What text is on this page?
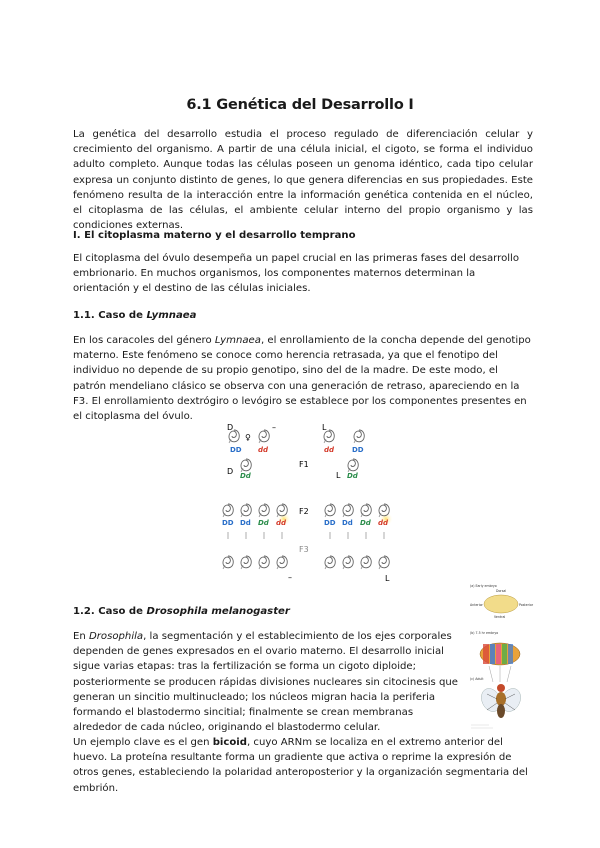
6.1 Genética del Desarrollo I

La genética del desarrollo estudia el proceso regulado de diferenciación celular y crecimiento del organismo. A partir de una célula inicial, el cigoto, se forma el individuo adulto completo. Aunque todas las células poseen un genoma idéntico, cada tipo celular expresa un conjunto distinto de genes, lo que genera diferencias en sus propiedades. Este fenómeno resulta de la interacción entre la información genética contenida en el núcleo, el citoplasma de las células, el ambiente celular interno del propio organismo y las condiciones externas.

I. El citoplasma materno y el desarrollo temprano

El citoplasma del óvulo desempeña un papel crucial en las primeras fases del desarrollo embrionario. En muchos organismos, los componentes maternos determinan la orientación y el destino de las células iniciales.

1.1. Caso de Lymnaea

En los caracoles del género Lymnaea, el enrollamiento de la concha depende del genotipo materno. Este fenómeno se conoce como herencia retrasada, ya que el fenotipo del individuo no depende de su propio genotipo, sino del de la madre. De este modo, el patrón mendeliano clásico se observa con una generación de retraso, apareciendo en la F3. El enrollamiento dextrógiro o levógiro se establece por los componentes presentes en el citoplasma del óvulo.

D
DD dd
♀
–	L
dd	DD
D Dd
F1
L Dd
DD Dd Dd dd
F2
DD Dd Dd dd
F3
–	L

1.2. Caso de Drosophila melanogaster

En Drosophila, la segmentación y el establecimiento de los ejes corporales dependen de genes expresados en el ovario materno. El desarrollo inicial sigue varias etapas: tras la fertilización se forma un cigoto diploide; posteriormente se producen rápidas divisiones nucleares sin citocinesis que generan un sincitio multinucleado; los núcleos migran hacia la periferia formando el blastodermo sincitial; finalmente se crean membranas alrededor de cada núcleo, originando el blastodermo celular.

Un ejemplo clave es el gen bicoid, cuyo ARNm se localiza en el extremo anterior del huevo. La proteína resultante forma un gradiente que activa o reprime la expresión de otros genes, estableciendo la polaridad anteroposterior y la organización segmentaria del embrión.

(a) Early embryo
Anterior	Posterior
Dorsal
Ventral
(b) 7.5 hr embryo
(c) Adult
